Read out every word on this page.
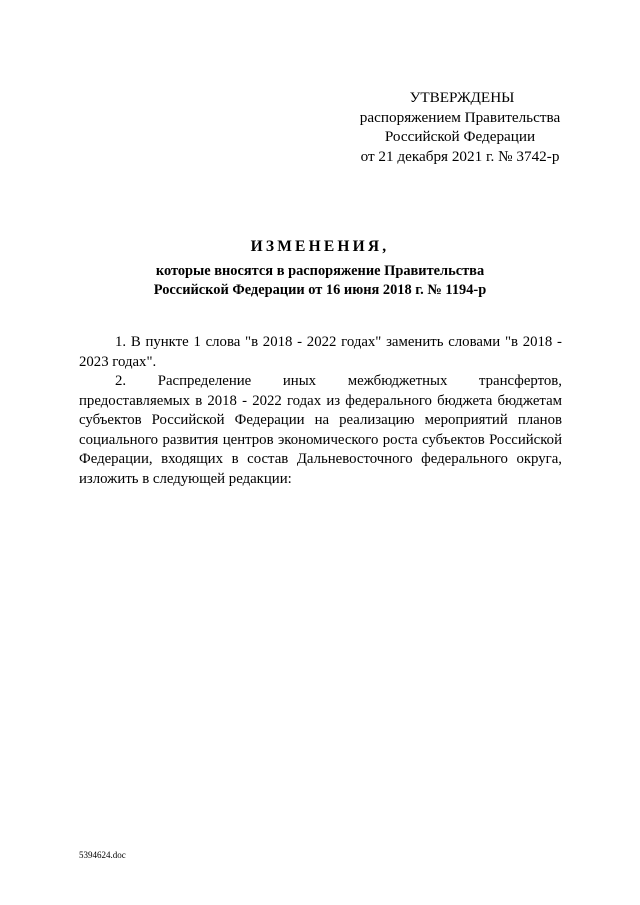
УТВЕРЖДЕНЫ
распоряжением Правительства
Российской Федерации
от 21 декабря 2021 г. № 3742-р
ИЗМЕНЕНИЯ,
которые вносятся в распоряжение Правительства
Российской Федерации от 16 июня 2018 г. № 1194-р

1. В пункте 1 слова "в 2018 - 2022 годах" заменить словами "в 2018 - 2023 годах".

2. Распределение иных межбюджетных трансфертов, предоставляемых в 2018 - 2022 годах из федерального бюджета бюджетам субъектов Российской Федерации на реализацию мероприятий планов социального развития центров экономического роста субъектов Российской Федерации, входящих в состав Дальневосточного федерального округа, изложить в следующей редакции:

5394624.doc
